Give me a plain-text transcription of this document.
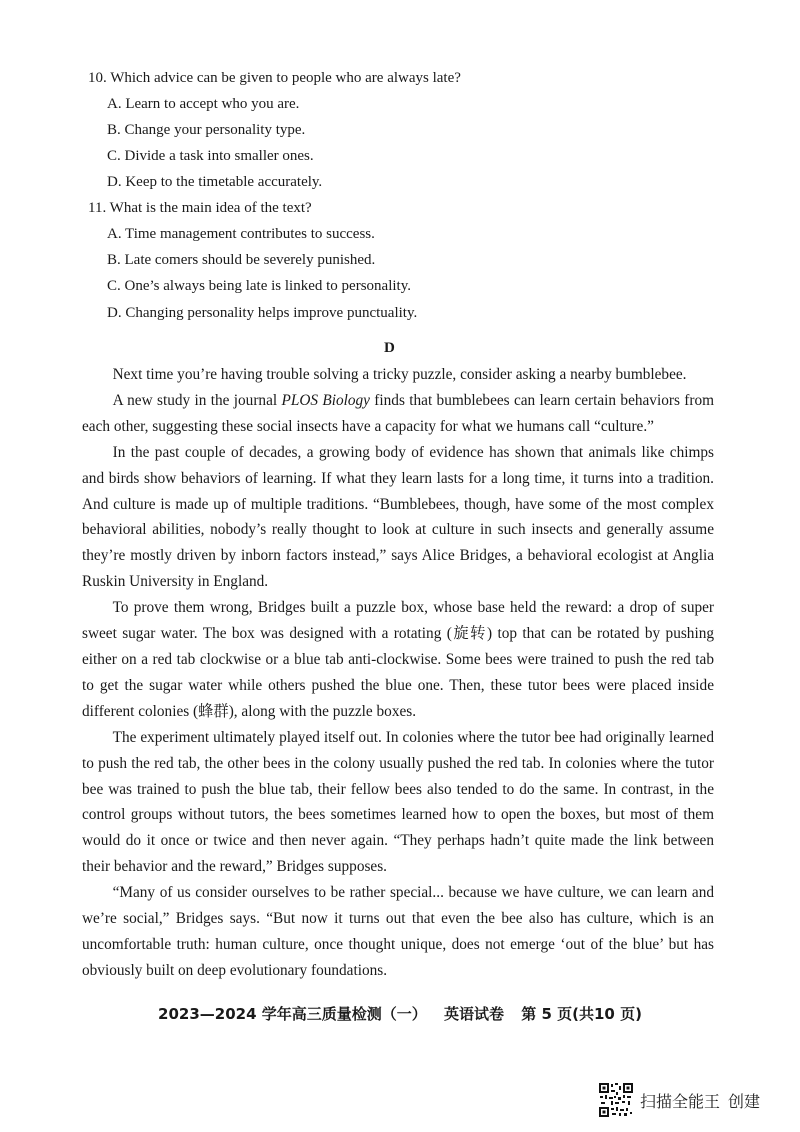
10. Which advice can be given to people who are always late?
A. Learn to accept who you are.
B. Change your personality type.
C. Divide a task into smaller ones.
D. Keep to the timetable accurately.
11. What is the main idea of the text?
A. Time management contributes to success.
B. Late comers should be severely punished.
C. One’s always being late is linked to personality.
D. Changing personality helps improve punctuality.
D

Next time you’re having trouble solving a tricky puzzle, consider asking a nearby bumblebee.

A new study in the journal PLOS Biology finds that bumblebees can learn certain behaviors from each other, suggesting these social insects have a capacity for what we humans call “culture.”

In the past couple of decades, a growing body of evidence has shown that animals like chimps and birds show behaviors of learning. If what they learn lasts for a long time, it turns into a tradition. And culture is made up of multiple traditions. “Bumblebees, though, have some of the most complex behavioral abilities, nobody’s really thought to look at culture in such insects and generally assume they’re mostly driven by inborn factors instead,” says Alice Bridges, a behavioral ecologist at Anglia Ruskin University in England.

To prove them wrong, Bridges built a puzzle box, whose base held the reward: a drop of super sweet sugar water. The box was designed with a rotating (旋转) top that can be rotated by pushing either on a red tab clockwise or a blue tab anti-clockwise. Some bees were trained to push the red tab to get the sugar water while others pushed the blue one. Then, these tutor bees were placed inside different colonies (蜂群), along with the puzzle boxes.

The experiment ultimately played itself out. In colonies where the tutor bee had originally learned to push the red tab, the other bees in the colony usually pushed the red tab. In colonies where the tutor bee was trained to push the blue tab, their fellow bees also tended to do the same. In contrast, in the control groups without tutors, the bees sometimes learned how to open the boxes, but most of them would do it once or twice and then never again. “They perhaps hadn’t quite made the link between their behavior and the reward,” Bridges supposes.

“Many of us consider ourselves to be rather special... because we have culture, we can learn and we’re social,” Bridges says. “But now it turns out that even the bee also has culture, which is an uncomfortable truth: human culture, once thought unique, does not emerge ‘out of the blue’ but has obviously built on deep evolutionary foundations.

2023—2024 学年高三质量检测（一） 英语试卷 第 5 页(共10 页)
扫描全能王 创建
